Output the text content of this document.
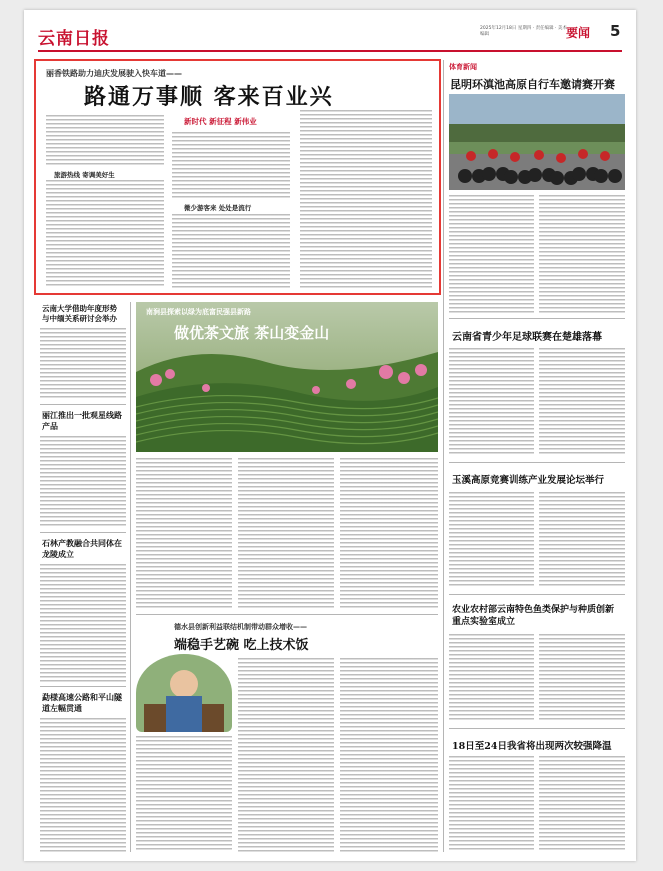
云南日报
2025年12月18日 星期四 · 责任编辑 · 美术编辑	要闻 5
丽香铁路助力迪庆发展驶入快车道——
路通万事顺 客来百业兴
旅游热线 寄调美好生
新时代 新征程 新伟业
微少游客来 处处是流行
体育新闻
昆明环滇池高原自行车邀请赛开赛
云南省青少年足球联赛在楚雄落幕
玉溪高原竞赛训练产业发展论坛举行
农业农村部云南特色鱼类保护与种质创新重点实验室成立
18日至24日我省将出现两次较强降温
云南大学借助年度形势与中缅关系研讨会举办
丽江推出一批观星线路产品
石林产教融合共同体在龙陵成立
勐様高速公路和平山隧道左幅贯通
南涧县探索以绿为底富民强县新路
做优茶文旅 茶山变金山
德水县创新利益联结机制带动群众增收——
端稳手艺碗 吃上技术饭
